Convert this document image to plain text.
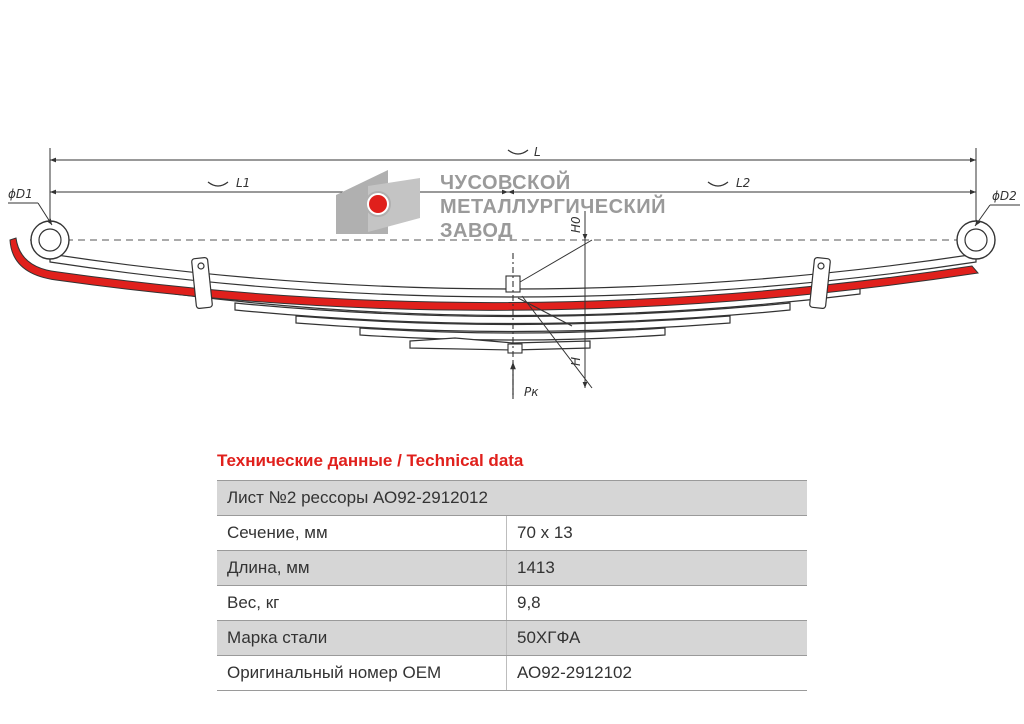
L
L1	L2
ϕD1	ϕD2
H0
H
Pк
ЧУСОВСКОЙ
МЕТАЛЛУРГИЧЕСКИЙ
ЗАВОД
Технические данные / Technical data
Лист №2 рессоры АО92-2912012	
Сечение, мм	70 х 13
Длина, мм	1413
Вес, кг	9,8
Марка стали	50ХГФА
Оригинальный номер ОЕМ	АО92-2912102
